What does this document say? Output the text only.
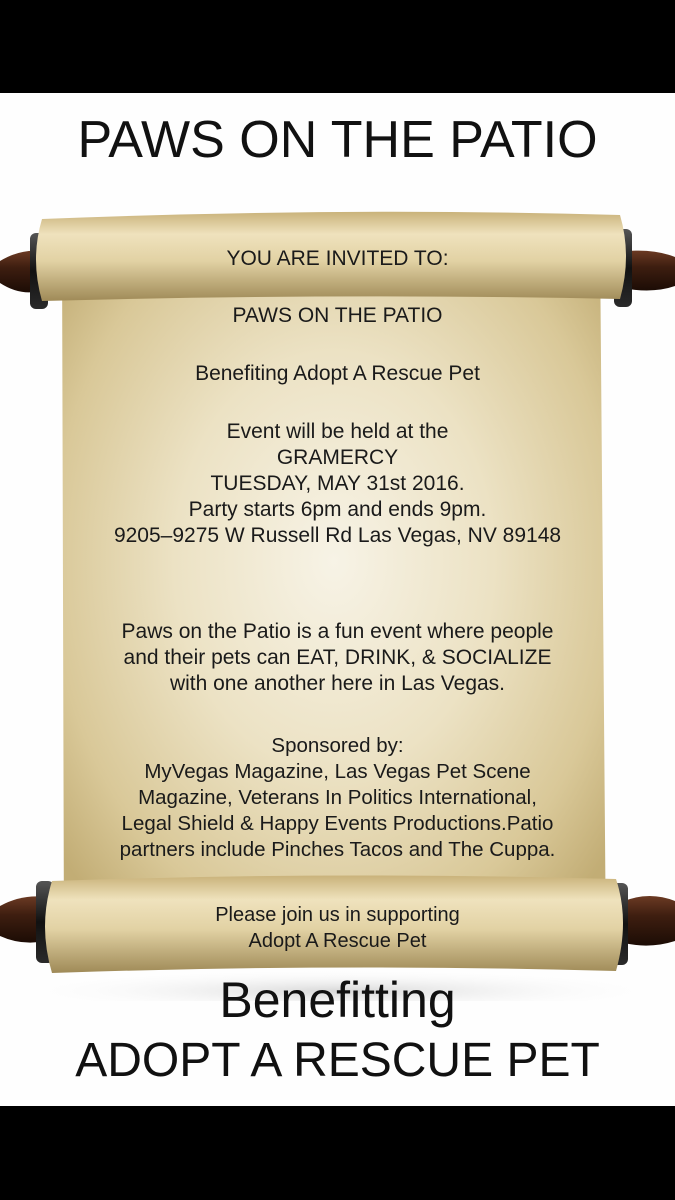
PAWS ON THE PATIO
YOU ARE INVITED TO:
PAWS ON THE PATIO
Benefiting Adopt A Rescue Pet
Event will be held at the
GRAMERCY
TUESDAY, MAY 31st 2016.
Party starts 6pm and ends 9pm.
9205–9275 W Russell Rd Las Vegas, NV 89148
Paws on the Patio is a fun event where people
and their pets can EAT, DRINK, & SOCIALIZE
with one another here in Las Vegas.
Sponsored by:
MyVegas Magazine, Las Vegas Pet Scene
Magazine, Veterans In Politics International,
Legal Shield & Happy Events Productions.Patio
partners include Pinches Tacos and The Cuppa.
Please join us in supporting
Adopt A Rescue Pet
Benefitting
ADOPT A RESCUE PET
